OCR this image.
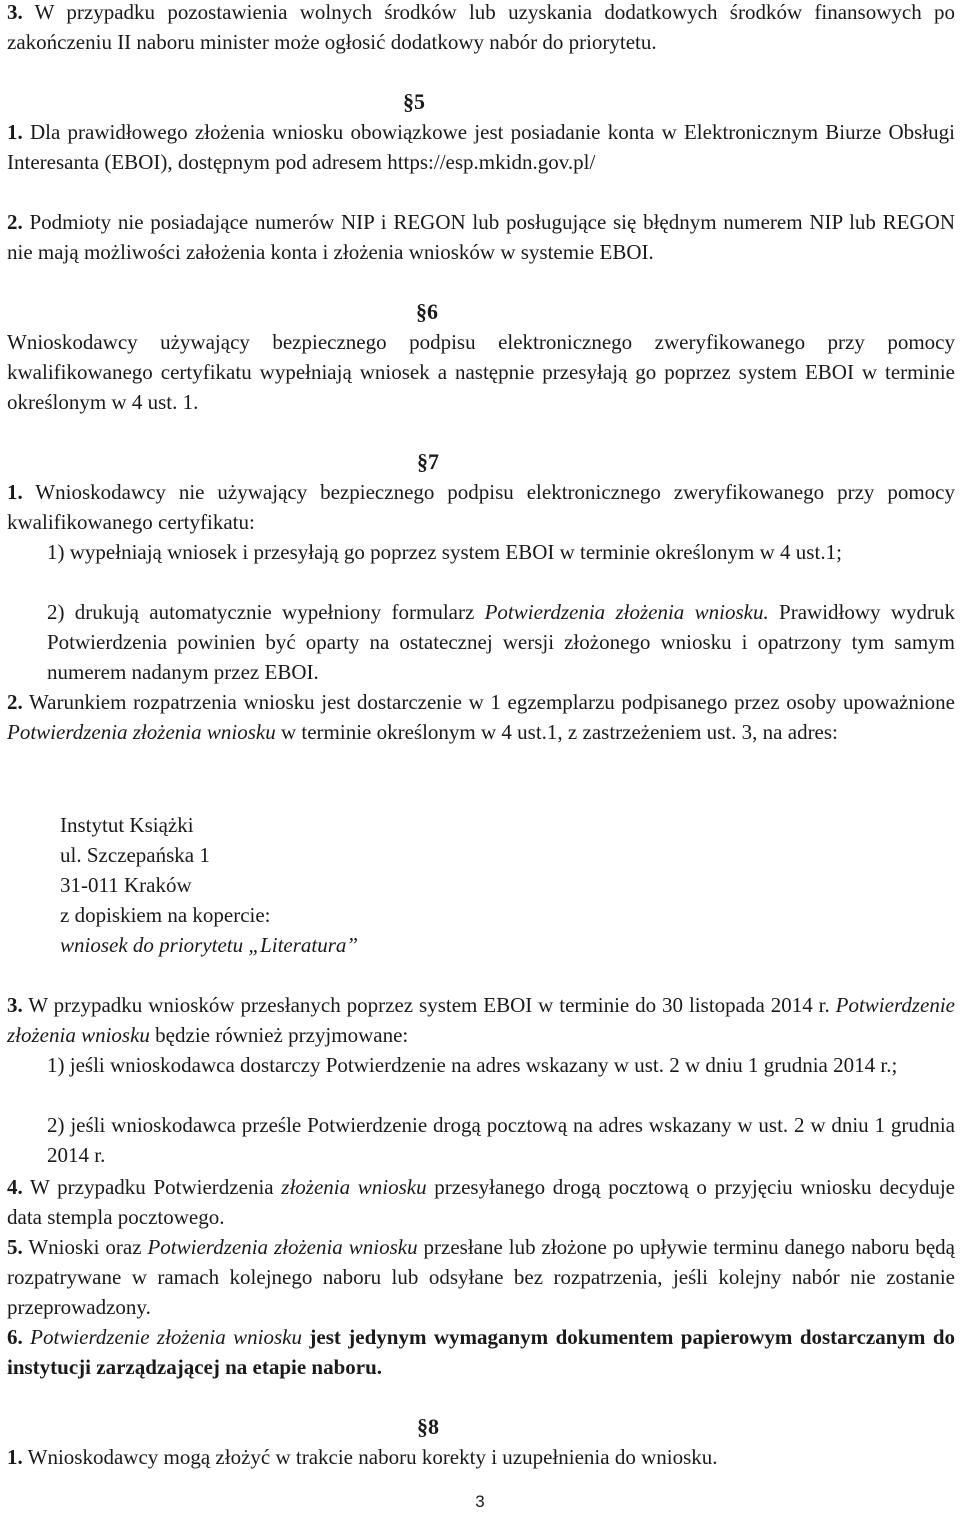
3. W przypadku pozostawienia wolnych środków lub uzyskania dodatkowych środków finansowych po zakończeniu II naboru minister może ogłosić dodatkowy nabór do priorytetu.

§5

1. Dla prawidłowego złożenia wniosku obowiązkowe jest posiadanie konta w Elektronicznym Biurze Obsługi Interesanta (EBOI), dostępnym pod adresem https://esp.mkidn.gov.pl/

2. Podmioty nie posiadające numerów NIP i REGON lub posługujące się błędnym numerem NIP lub REGON nie mają możliwości założenia konta i złożenia wniosków w systemie EBOI.

§6

Wnioskodawcy używający bezpiecznego podpisu elektronicznego zweryfikowanego przy pomocy kwalifikowanego certyfikatu wypełniają wniosek a następnie przesyłają go poprzez system EBOI w terminie określonym w 4 ust. 1.

§7

1. Wnioskodawcy nie używający bezpiecznego podpisu elektronicznego zweryfikowanego przy pomocy kwalifikowanego certyfikatu:

1) wypełniają wniosek i przesyłają go poprzez system EBOI w terminie określonym w 4 ust.1;

2) drukują automatycznie wypełniony formularz Potwierdzenia złożenia wniosku. Prawidłowy wydruk Potwierdzenia powinien być oparty na ostatecznej wersji złożonego wniosku i opatrzony tym samym numerem nadanym przez EBOI.

2. Warunkiem rozpatrzenia wniosku jest dostarczenie w 1 egzemplarzu podpisanego przez osoby upoważnione Potwierdzenia złożenia wniosku w terminie określonym w 4 ust.1, z zastrzeżeniem ust. 3, na adres:

Instytut Książki
ul. Szczepańska 1
31-011 Kraków
z dopiskiem na kopercie:
wniosek do priorytetu „Literatura”

3. W przypadku wniosków przesłanych poprzez system EBOI w terminie do 30 listopada 2014 r. Potwierdzenie złożenia wniosku będzie również przyjmowane:

1) jeśli wnioskodawca dostarczy Potwierdzenie na adres wskazany w ust. 2 w dniu 1 grudnia 2014 r.;

2) jeśli wnioskodawca prześle Potwierdzenie drogą pocztową na adres wskazany w ust. 2 w dniu 1 grudnia 2014 r.

4. W przypadku Potwierdzenia złożenia wniosku przesyłanego drogą pocztową o przyjęciu wniosku decyduje data stempla pocztowego.

5. Wnioski oraz Potwierdzenia złożenia wniosku przesłane lub złożone po upływie terminu danego naboru będą rozpatrywane w ramach kolejnego naboru lub odsyłane bez rozpatrzenia, jeśli kolejny nabór nie zostanie przeprowadzony.

6. Potwierdzenie złożenia wniosku jest jedynym wymaganym dokumentem papierowym dostarczanym do instytucji zarządzającej na etapie naboru.

§8

1. Wnioskodawcy mogą złożyć w trakcie naboru korekty i uzupełnienia do wniosku.

3
